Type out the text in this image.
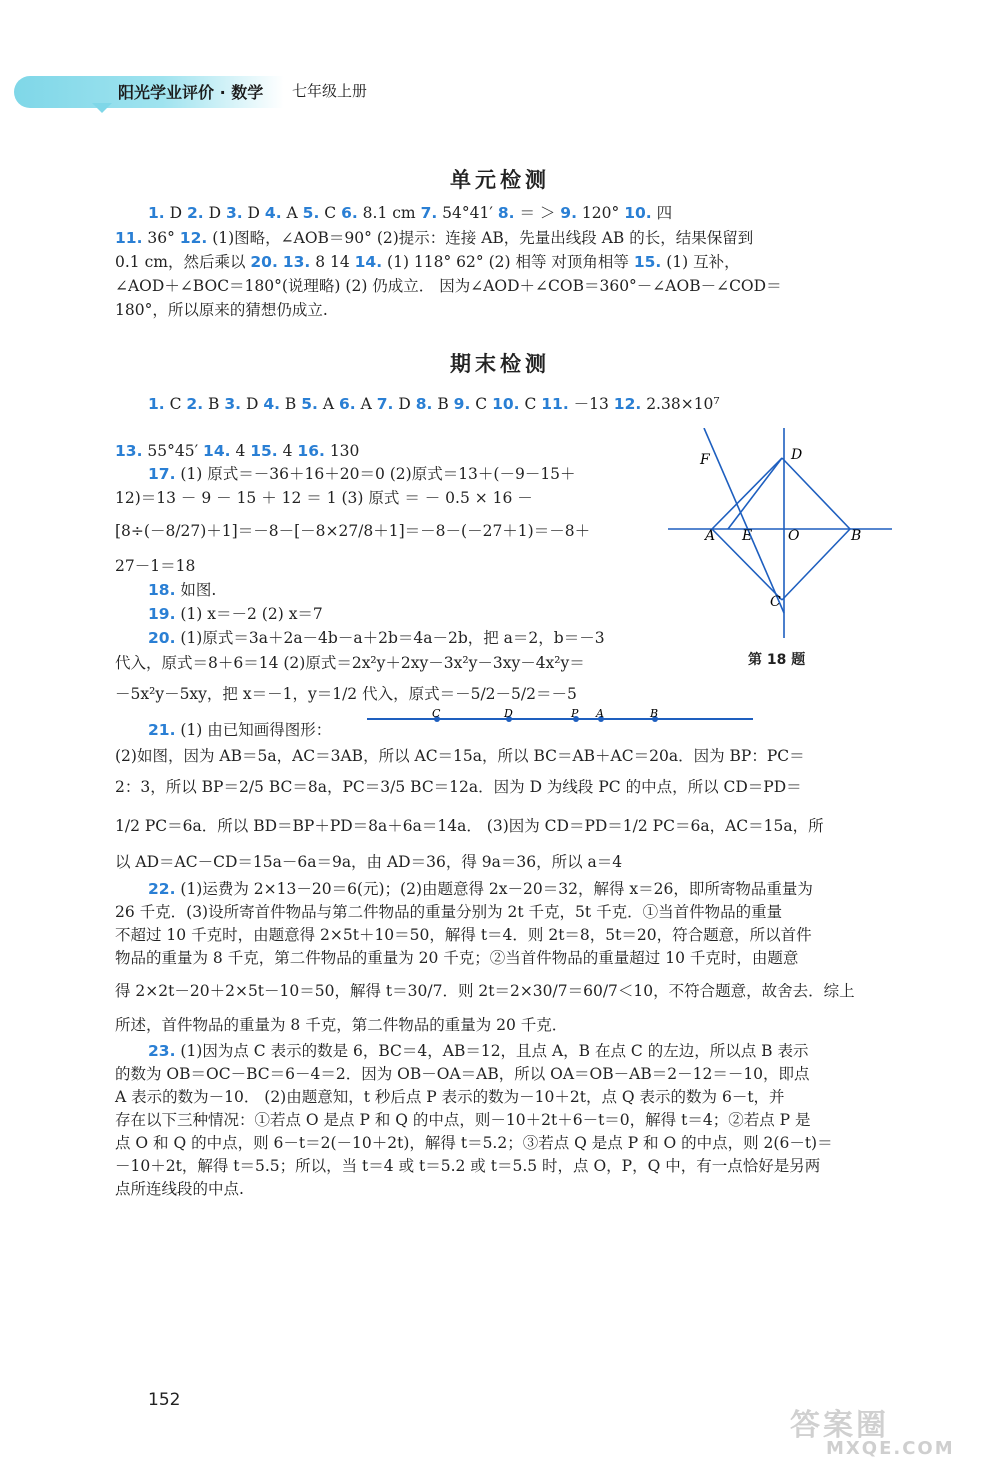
阳光学业评价 · 数学 七年级上册
单元检测
1. D 2. D 3. D 4. A 5. C 6. 8.1 cm 7. 54°41′ 8. ＝ ＞ 9. 120° 10. 四
11. 36° 12. (1)图略，∠AOB＝90° (2)提示：连接 AB，先量出线段 AB 的长，结果保留到
0.1 cm，然后乘以 20. 13. 8 14 14. (1) 118° 62° (2) 相等 对顶角相等 15. (1) 互补，
∠AOD＋∠BOC＝180°(说理略) (2) 仍成立． 因为∠AOD＋∠COB＝360°－∠AOB－∠COD＝
180°，所以原来的猜想仍成立.
期末检测
1. C 2. B 3. D 4. B 5. A 6. A 7. D 8. B 9. C 10. C 11. －13 12. 2.38×10⁷
13. 55°45′ 14. 4 15. 4 16. 130
17. (1) 原式＝－36＋16＋20＝0 (2)原式＝13＋(－9－15＋
12)＝13 － 9 － 15 ＋ 12 ＝ 1 (3) 原式 ＝ － 0.5 × 16 －
[8÷(－8/27)＋1]＝－8－[－8×27/8＋1]＝－8－(－27＋1)＝－8＋
27－1＝18
18. 如图.
19. (1) x＝－2 (2) x＝7
20. (1)原式＝3a＋2a－4b－a＋2b＝4a－2b，把 a＝2，b＝－3
代入，原式＝8＋6＝14 (2)原式＝2x²y＋2xy－3x²y－3xy－4x²y＝
－5x²y－5xy，把 x＝－1，y＝1/2 代入，原式＝－5/2－5/2＝－5
21. (1) 由已知画得图形：
(2)如图，因为 AB＝5a，AC＝3AB，所以 AC＝15a，所以 BC＝AB＋AC＝20a．因为 BP：PC＝
2：3，所以 BP＝2/5 BC＝8a，PC＝3/5 BC＝12a．因为 D 为线段 PC 的中点，所以 CD＝PD＝
1/2 PC＝6a．所以 BD＝BP＋PD＝8a＋6a＝14a． (3)因为 CD＝PD＝1/2 PC＝6a，AC＝15a，所
以 AD＝AC－CD＝15a－6a＝9a，由 AD＝36，得 9a＝36，所以 a＝4
22. (1)运费为 2×13－20＝6(元)；(2)由题意得 2x－20＝32，解得 x＝26，即所寄物品重量为
26 千克．(3)设所寄首件物品与第二件物品的重量分别为 2t 千克，5t 千克．①当首件物品的重量
不超过 10 千克时，由题意得 2×5t＋10＝50，解得 t＝4．则 2t＝8，5t＝20，符合题意，所以首件
物品的重量为 8 千克，第二件物品的重量为 20 千克；②当首件物品的重量超过 10 千克时，由题意
得 2×2t－20＋2×5t－10＝50，解得 t＝30/7．则 2t＝2×30/7＝60/7＜10，不符合题意，故舍去．综上
所述，首件物品的重量为 8 千克，第二件物品的重量为 20 千克．
23. (1)因为点 C 表示的数是 6，BC＝4，AB＝12，且点 A，B 在点 C 的左边，所以点 B 表示
的数为 OB＝OC－BC＝6－4＝2．因为 OB－OA＝AB，所以 OA＝OB－AB＝2－12＝－10，即点
A 表示的数为－10． (2)由题意知，t 秒后点 P 表示的数为－10＋2t，点 Q 表示的数为 6－t，并
存在以下三种情况：①若点 O 是点 P 和 Q 的中点，则－10＋2t＋6－t＝0，解得 t＝4；②若点 P 是
点 O 和 Q 的中点，则 6－t＝2(－10＋2t)，解得 t＝5.2；③若点 Q 是点 P 和 O 的中点，则 2(6－t)＝
－10＋2t，解得 t＝5.5；所以，当 t＝4 或 t＝5.2 或 t＝5.5 时，点 O，P，Q 中，有一点恰好是另两
点所连线段的中点.
F	D
A E	O	B
C
第 18 题
C	D	P A	B
152
答案圈
MXQE.COM
